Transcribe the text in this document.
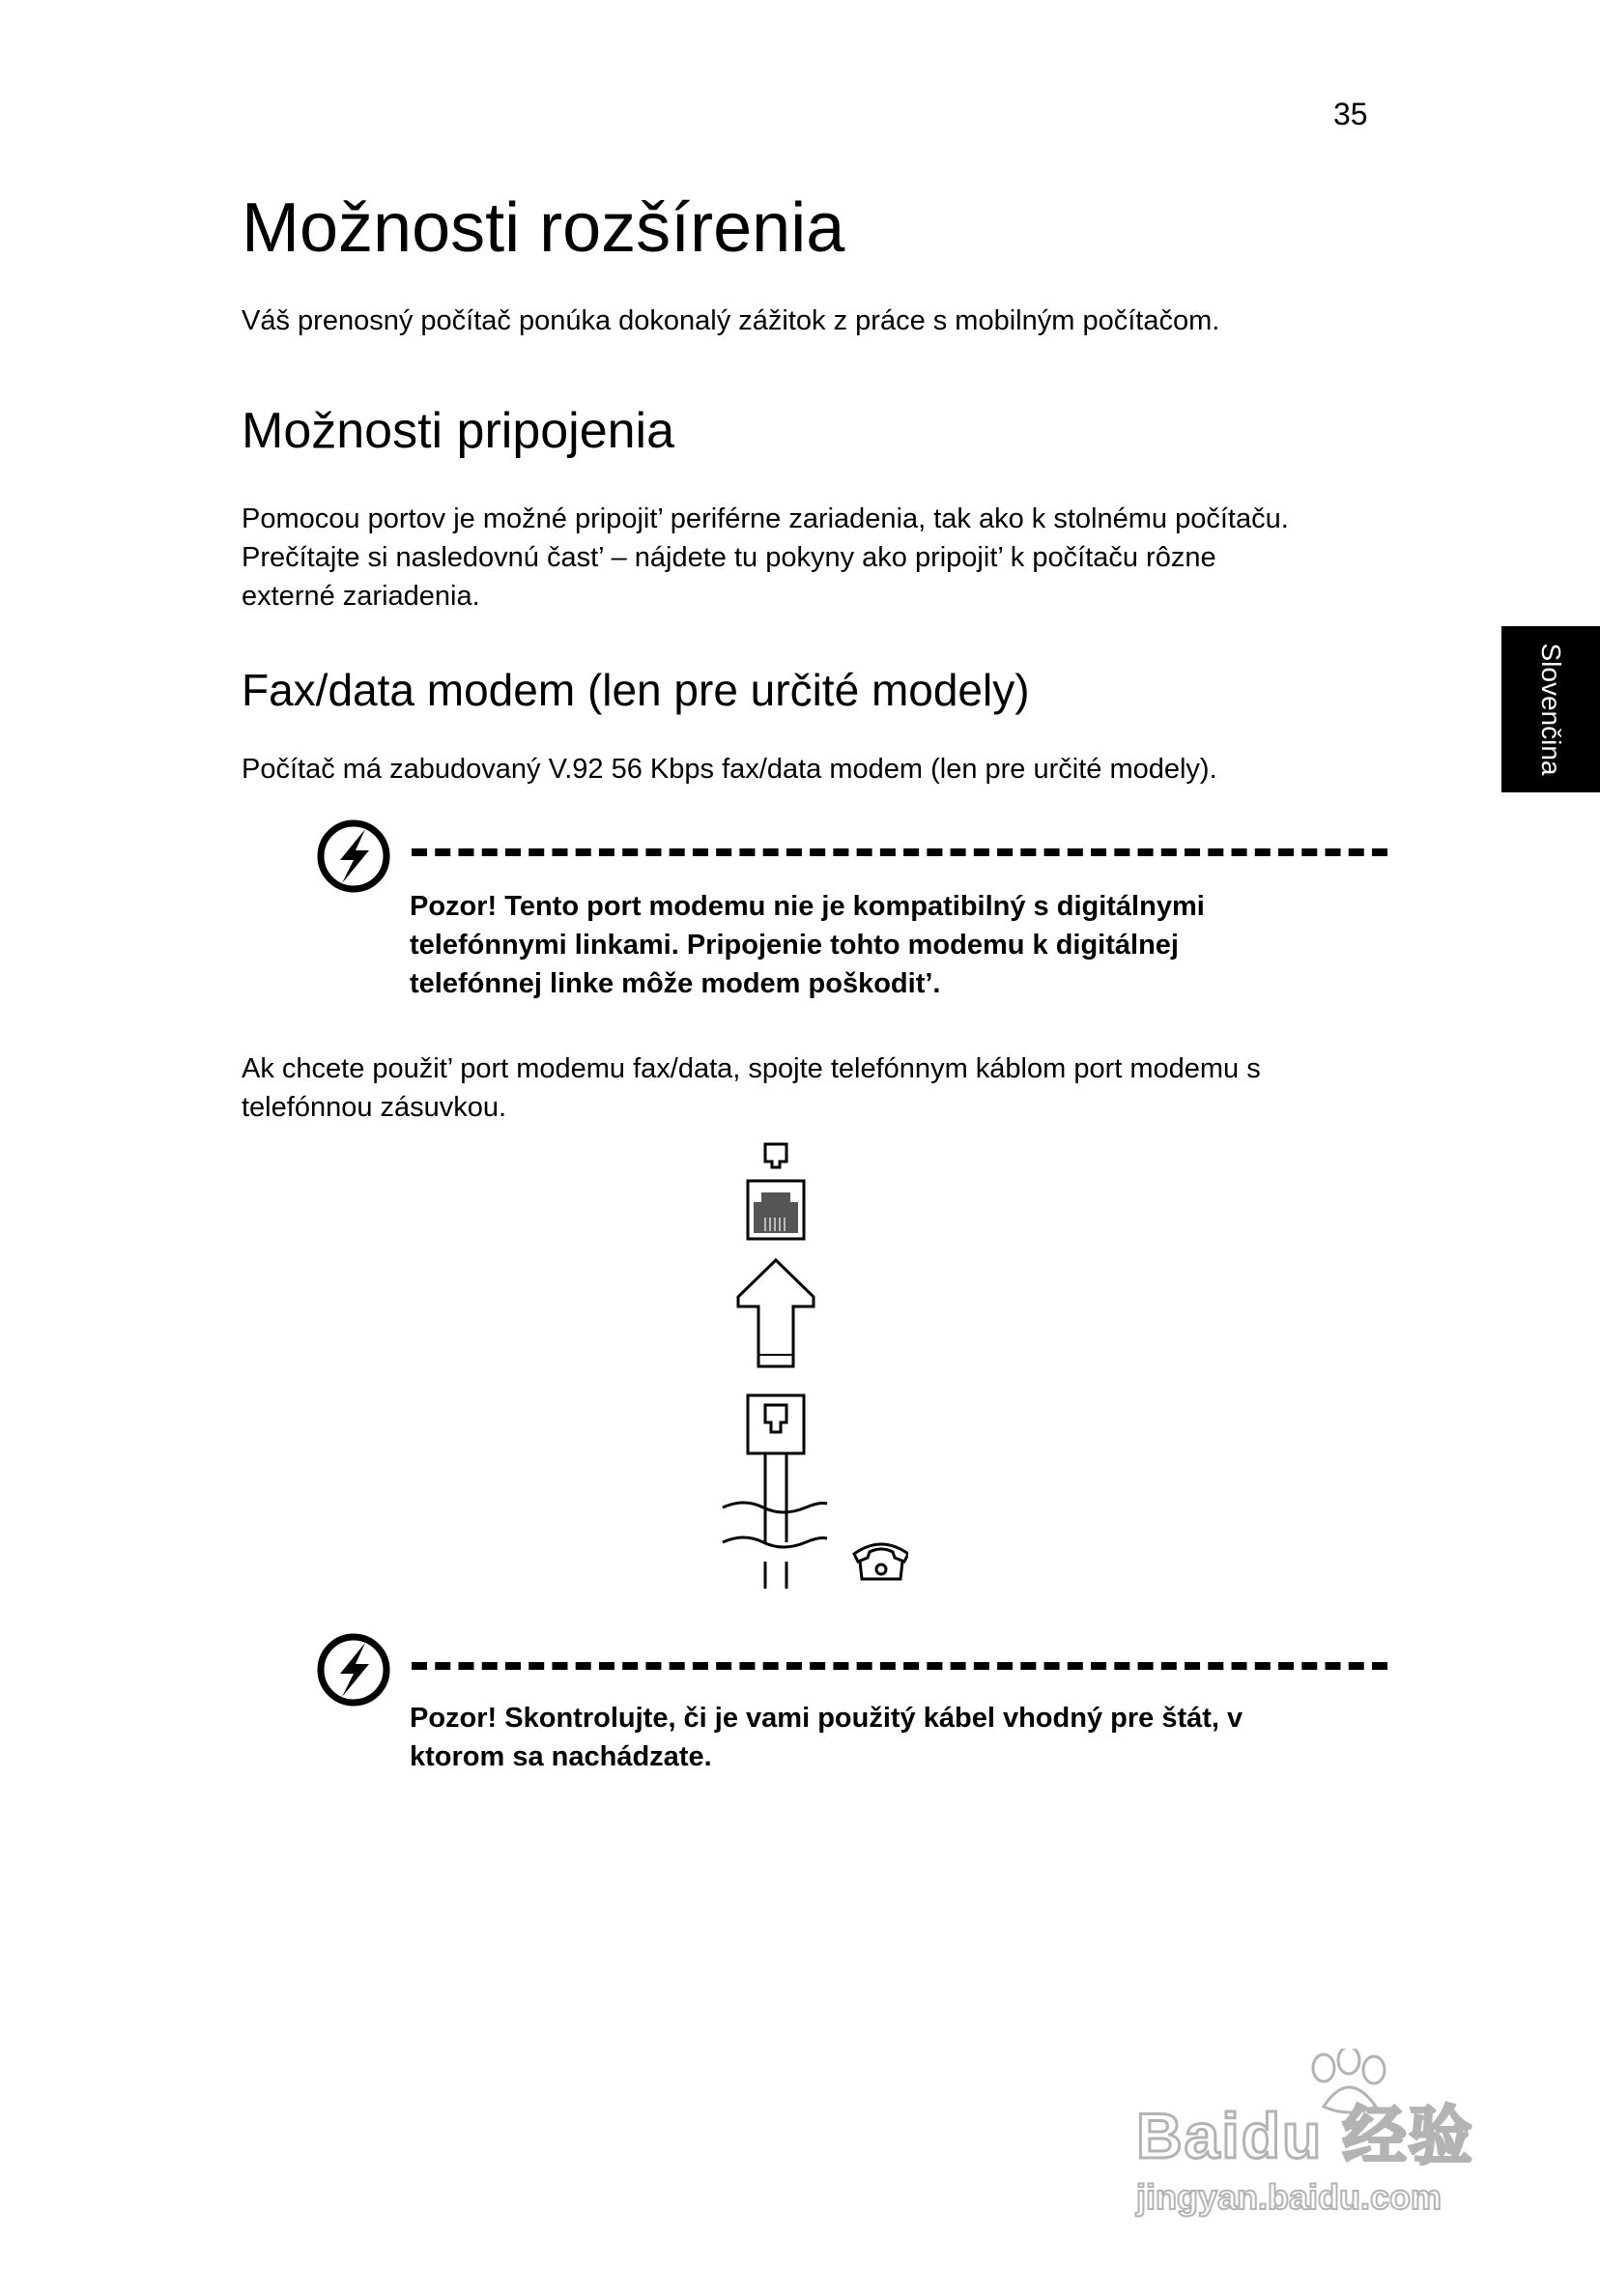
35
Slovenčina
Možnosti rozšírenia
Váš prenosný počítač ponúka dokonalý zážitok z práce s mobilným počítačom.
Možnosti pripojenia
Pomocou portov je možné pripojit’ periférne zariadenia, tak ako k stolnému počítaču.
Prečítajte si nasledovnú čast’ – nájdete tu pokyny ako pripojit’ k počítaču rôzne
externé zariadenia.
Fax/data modem (len pre určité modely)
Počítač má zabudovaný V.92 56 Kbps fax/data modem (len pre určité modely).
Pozor! Tento port modemu nie je kompatibilný s digitálnymi
telefónnymi linkami. Pripojenie tohto modemu k digitálnej
telefónnej linke môže modem poškodit’.
Ak chcete použit’ port modemu fax/data, spojte telefónnym káblom port modemu s
telefónnou zásuvkou.
Pozor! Skontrolujte, či je vami použitý kábel vhodný pre štát, v
ktorom sa nachádzate.
Baidu 经验
jingyan.baidu.com
